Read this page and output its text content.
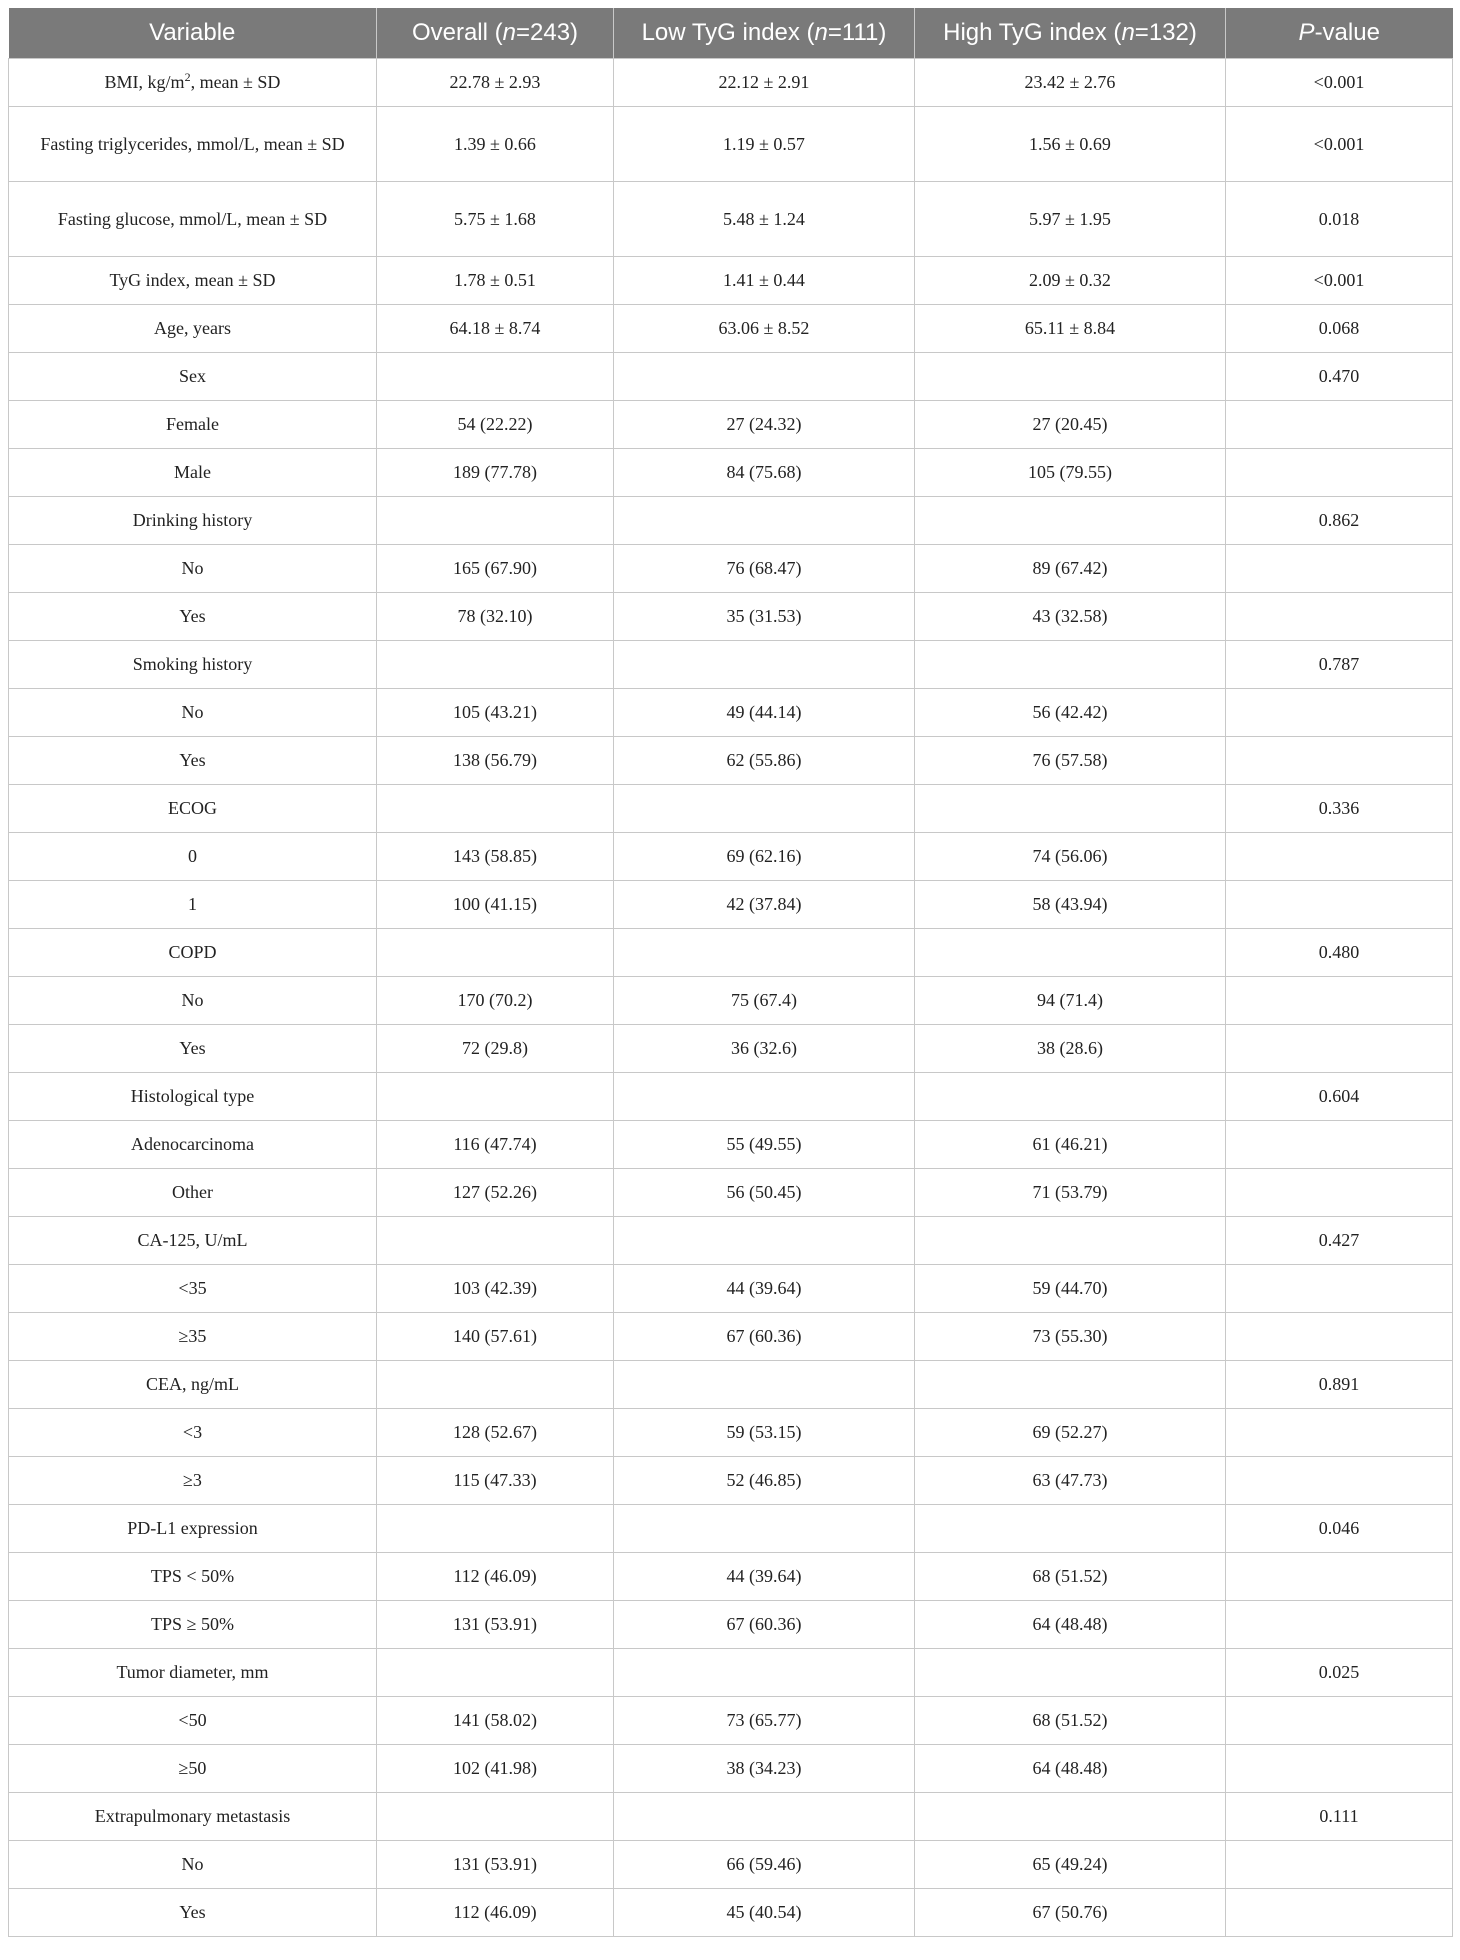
Variable	Overall (n=243)	Low TyG index (n=111)	High TyG index (n=132)	P-value
BMI, $kg/m^2$, mean ± SD	22.78 ± 2.93	22.12 ± 2.91	23.42 ± 2.76	<0.001
Fasting triglycerides, mmol/L, mean ± SD	1.39 ± 0.66	1.19 ± 0.57	1.56 ± 0.69	<0.001
Fasting glucose, mmol/L, mean ± SD	5.75 ± 1.68	5.48 ± 1.24	5.97 ± 1.95	0.018
TyG index, mean ± SD	1.78 ± 0.51	1.41 ± 0.44	2.09 ± 0.32	<0.001
Age, years	64.18 ± 8.74	63.06 ± 8.52	65.11 ± 8.84	0.068
Sex				0.470
Female	54 (22.22)	27 (24.32)	27 (20.45)	
Male	189 (77.78)	84 (75.68)	105 (79.55)	
Drinking history				0.862
No	165 (67.90)	76 (68.47)	89 (67.42)	
Yes	78 (32.10)	35 (31.53)	43 (32.58)	
Smoking history				0.787
No	105 (43.21)	49 (44.14)	56 (42.42)	
Yes	138 (56.79)	62 (55.86)	76 (57.58)	
ECOG				0.336
0	143 (58.85)	69 (62.16)	74 (56.06)	
1	100 (41.15)	42 (37.84)	58 (43.94)	
COPD				0.480
No	170 (70.2)	75 (67.4)	94 (71.4)	
Yes	72 (29.8)	36 (32.6)	38 (28.6)	
Histological type				0.604
Adenocarcinoma	116 (47.74)	55 (49.55)	61 (46.21)	
Other	127 (52.26)	56 (50.45)	71 (53.79)	
CA-125, U/mL				0.427
<35	103 (42.39)	44 (39.64)	59 (44.70)	
≥35	140 (57.61)	67 (60.36)	73 (55.30)	
CEA, ng/mL				0.891
<3	128 (52.67)	59 (53.15)	69 (52.27)	
≥3	115 (47.33)	52 (46.85)	63 (47.73)	
PD-L1 expression				0.046
TPS < 50%	112 (46.09)	44 (39.64)	68 (51.52)	
TPS ≥ 50%	131 (53.91)	67 (60.36)	64 (48.48)	
Tumor diameter, mm				0.025
<50	141 (58.02)	73 (65.77)	68 (51.52)	
≥50	102 (41.98)	38 (34.23)	64 (48.48)	
Extrapulmonary metastasis				0.111
No	131 (53.91)	66 (59.46)	65 (49.24)	
Yes	112 (46.09)	45 (40.54)	67 (50.76)	
